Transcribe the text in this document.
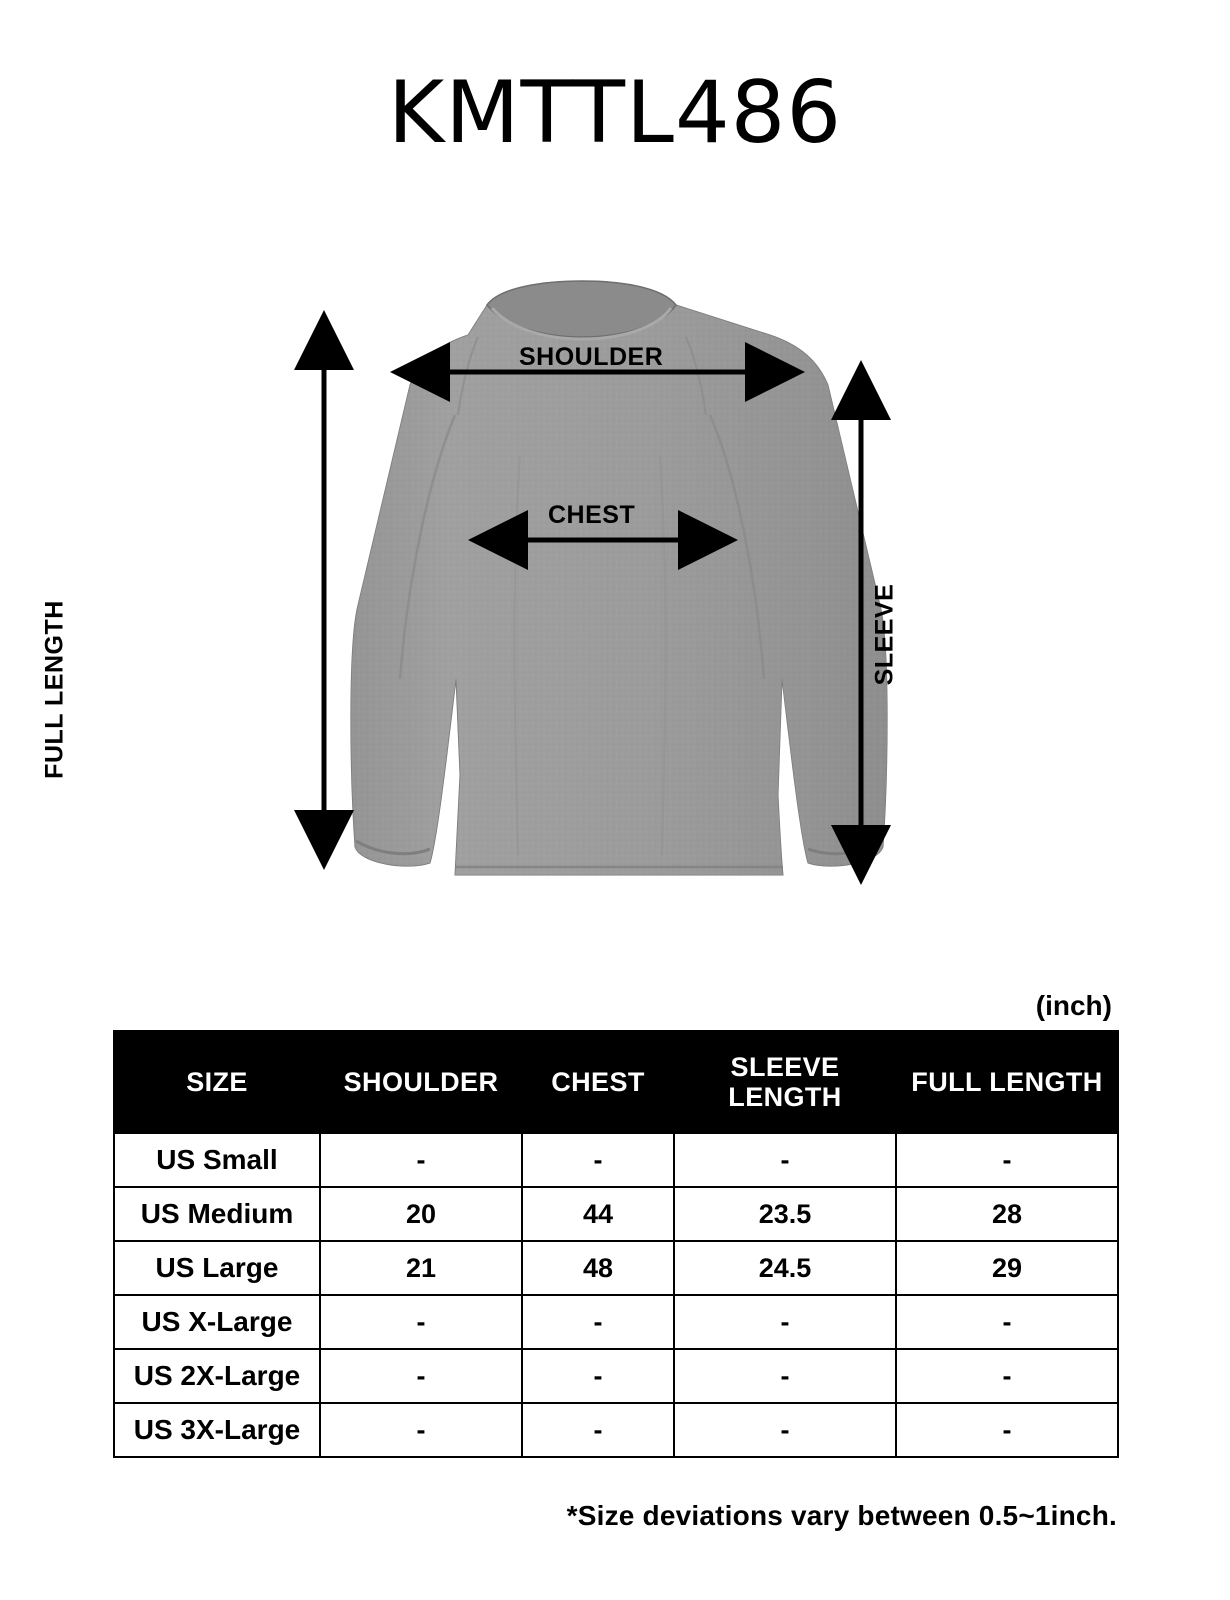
KMTTL486
SHOULDER
CHEST
FULL LENGTH	SLEEVE
(inch)
SIZE	SHOULDER	CHEST	SLEEVE LENGTH	FULL LENGTH
US Small	-	-	-	-
US Medium	20	44	23.5	28
US Large	21	48	24.5	29
US X-Large	-	-	-	-
US 2X-Large	-	-	-	-
US 3X-Large	-	-	-	-
*Size deviations vary between 0.5~1inch.
